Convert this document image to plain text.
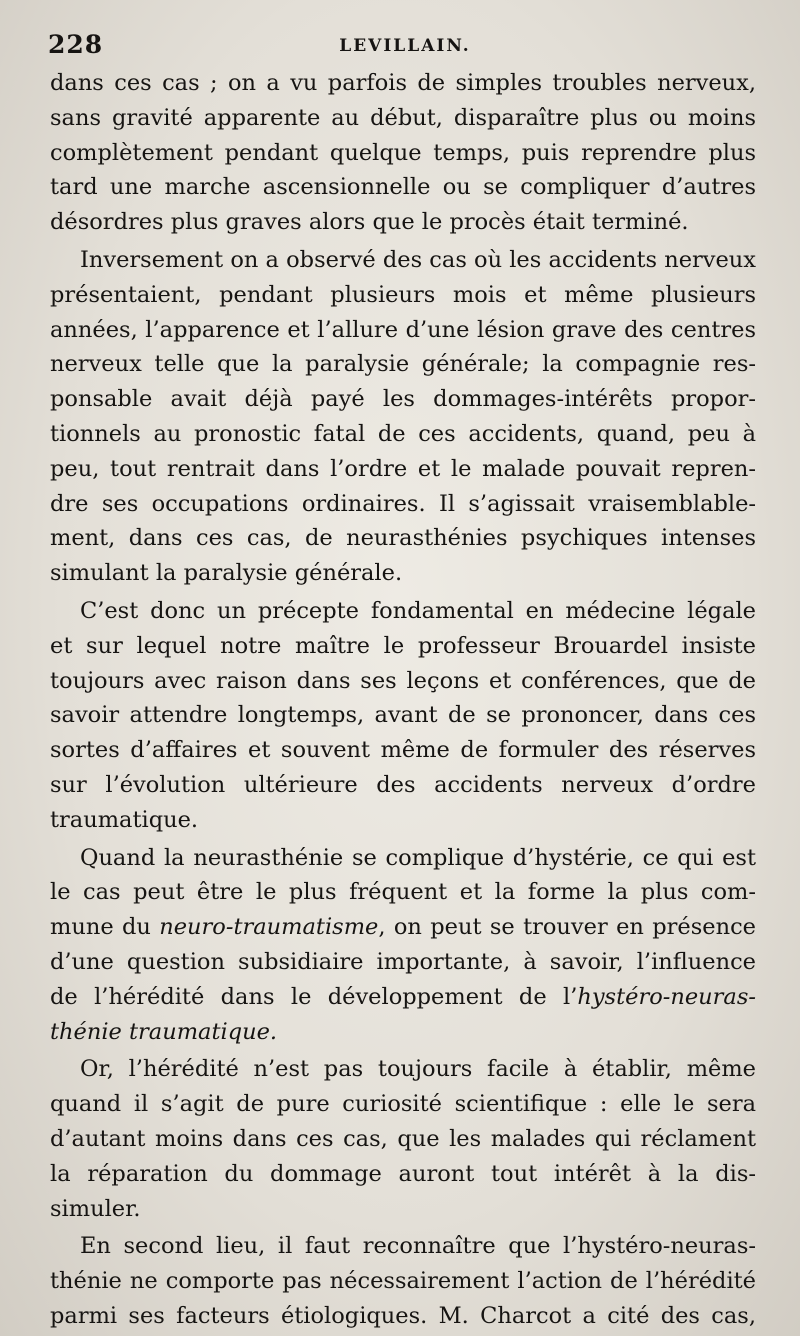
228	LEVILLAIN.
dans ces cas ; on a vu parfois de simples troubles nerveux,
sans gravité apparente au début, disparaître plus ou moins
complètement pendant quelque temps, puis reprendre plus
tard une marche ascensionnelle ou se compliquer d’autres
désordres plus graves alors que le procès était terminé.
Inversement on a observé des cas où les accidents nerveux
présentaient, pendant plusieurs mois et même plusieurs
années, l’apparence et l’allure d’une lésion grave des centres
nerveux telle que la paralysie générale; la compagnie res-
ponsable avait déjà payé les dommages-intérêts propor-
tionnels au pronostic fatal de ces accidents, quand, peu à
peu, tout rentrait dans l’ordre et le malade pouvait repren-
dre ses occupations ordinaires. Il s’agissait vraisemblable-
ment, dans ces cas, de neurasthénies psychiques intenses
simulant la paralysie générale.
C’est donc un précepte fondamental en médecine légale
et sur lequel notre maître le professeur Brouardel insiste
toujours avec raison dans ses leçons et conférences, que de
savoir attendre longtemps, avant de se prononcer, dans ces
sortes d’affaires et souvent même de formuler des réserves
sur l’évolution ultérieure des accidents nerveux d’ordre
traumatique.
Quand la neurasthénie se complique d’hystérie, ce qui est
le cas peut être le plus fréquent et la forme la plus com-
mune du neuro-traumatisme, on peut se trouver en présence
d’une question subsidiaire importante, à savoir, l’influence
de l’hérédité dans le développement de l’hystéro-neuras-
thénie traumatique.
Or, l’hérédité n’est pas toujours facile à établir, même
quand il s’agit de pure curiosité scientifique : elle le sera
d’autant moins dans ces cas, que les malades qui réclament
la réparation du dommage auront tout intérêt à la dis-
simuler.
En second lieu, il faut reconnaître que l’hystéro-neuras-
thénie ne comporte pas nécessairement l’action de l’hérédité
parmi ses facteurs étiologiques. M. Charcot a cité des cas,
